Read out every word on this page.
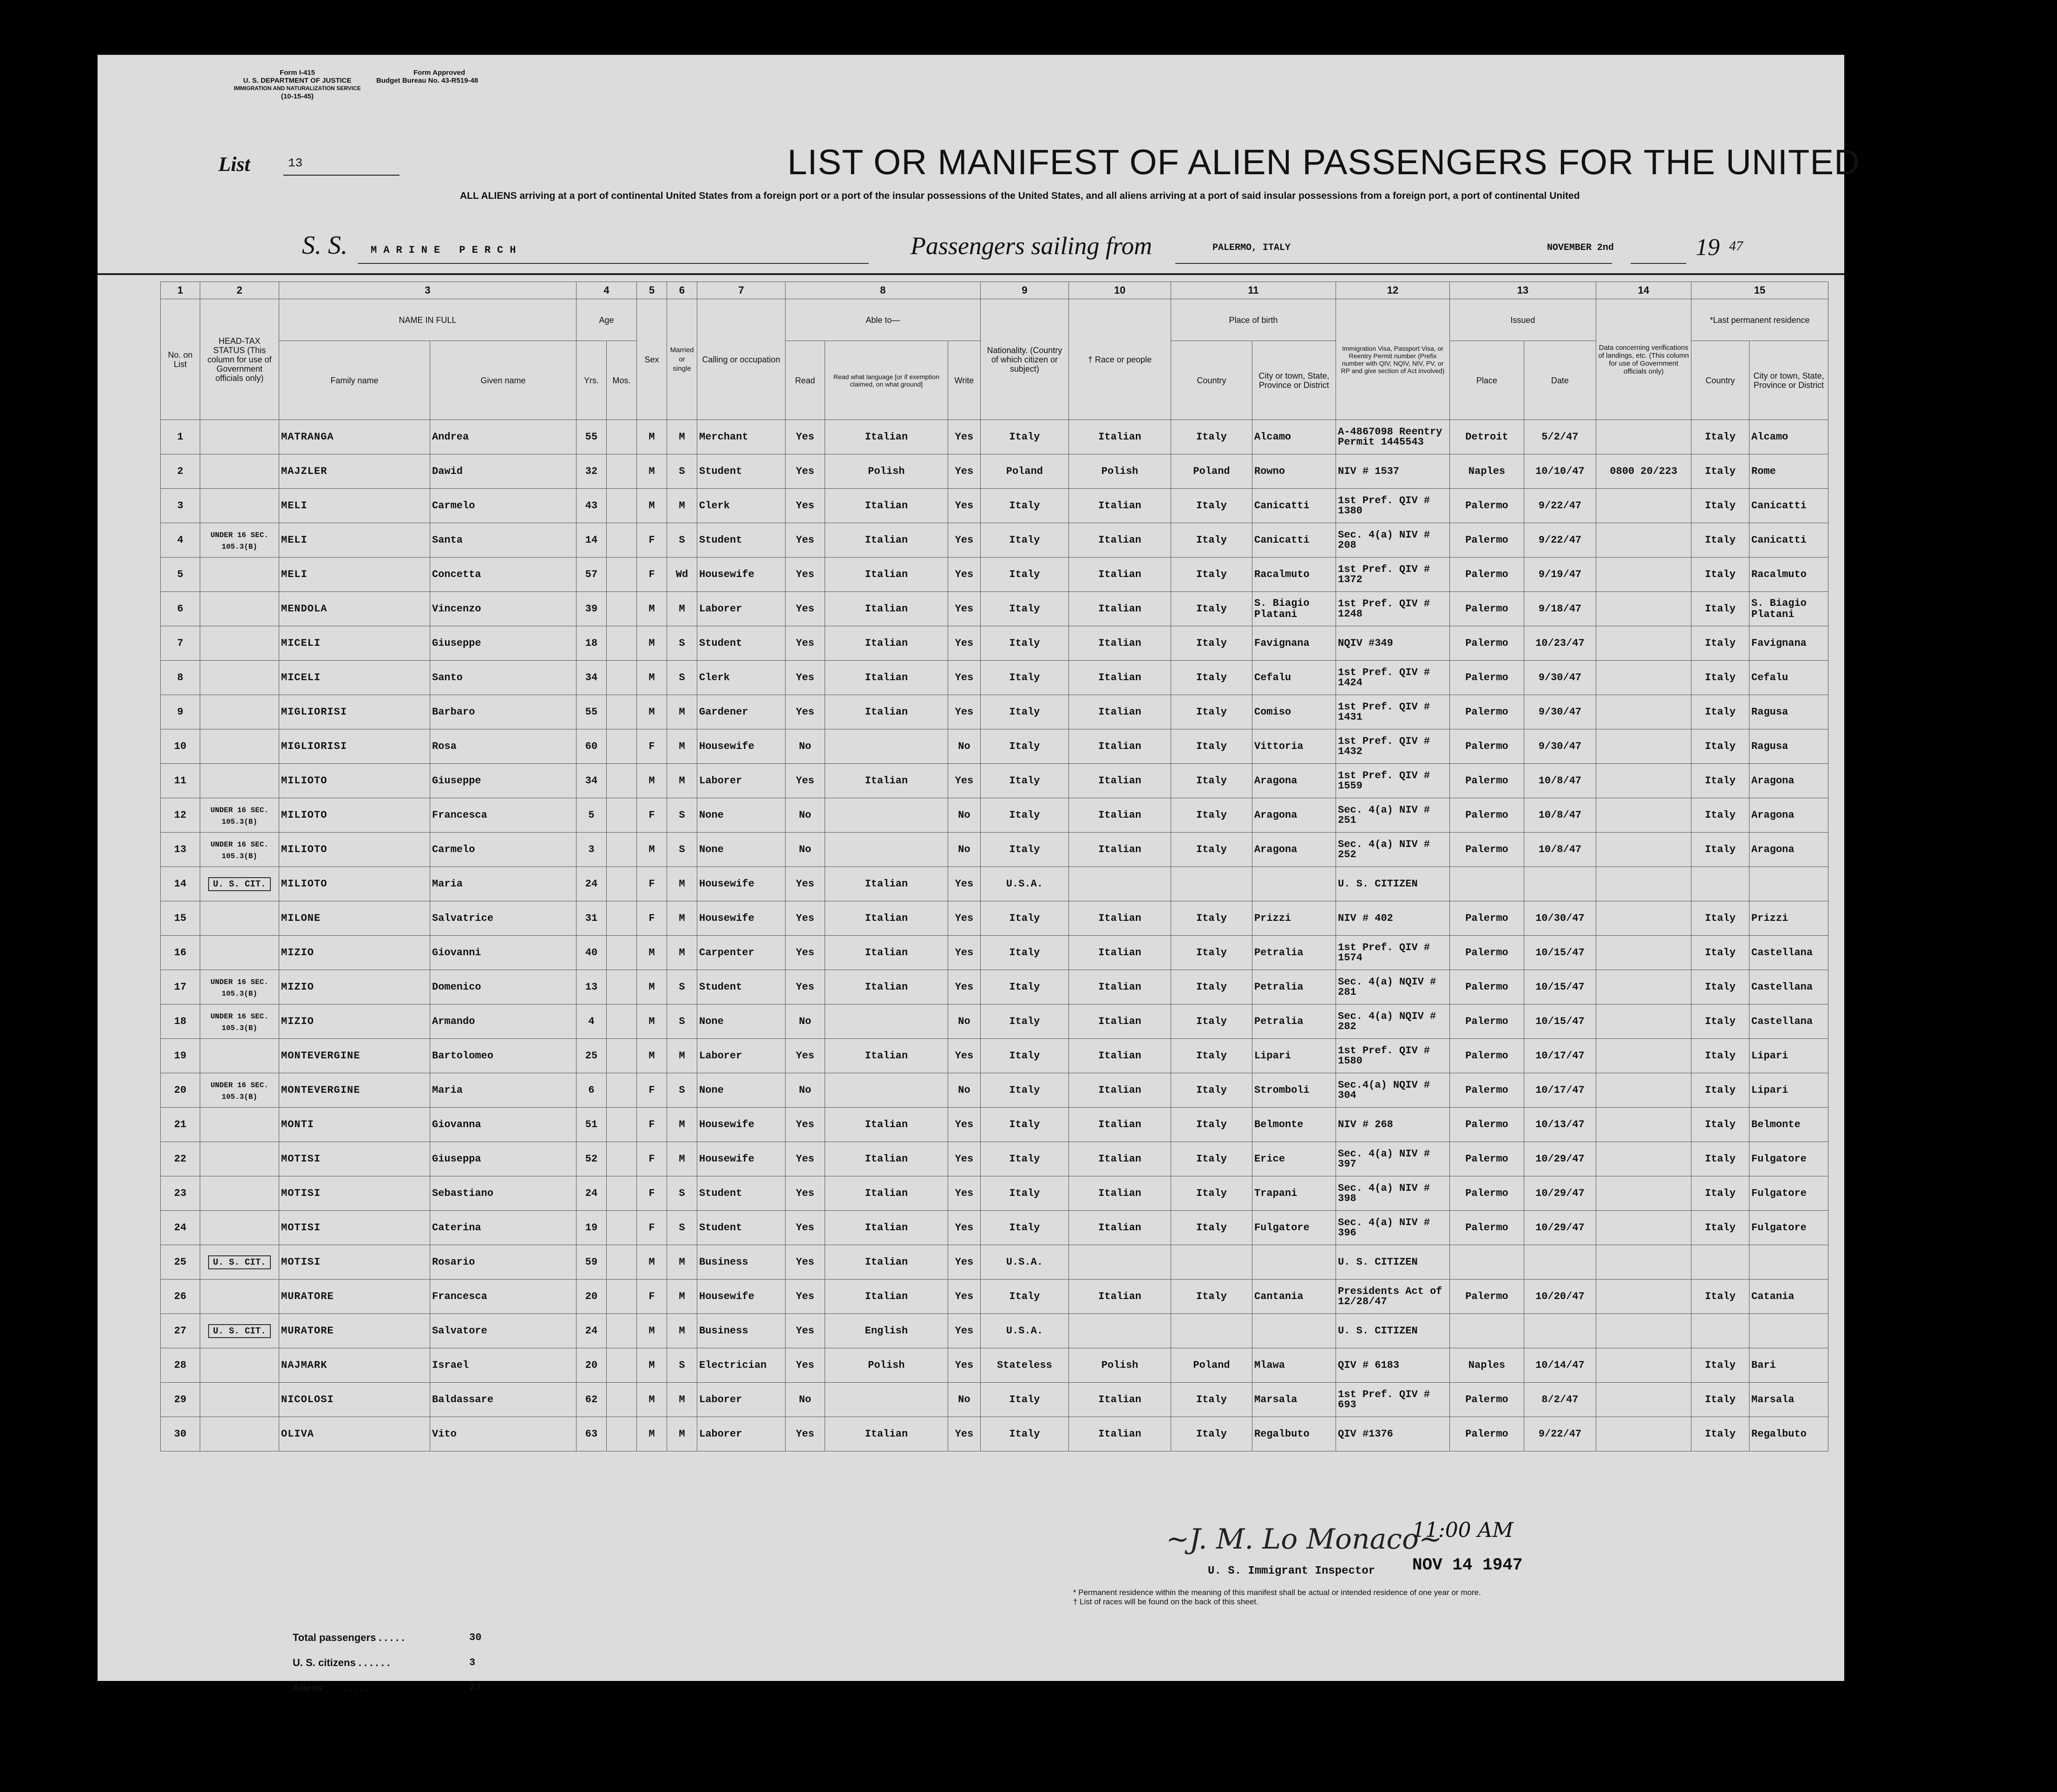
Form I-415
U. S. DEPARTMENT OF JUSTICE
IMMIGRATION AND NATURALIZATION SERVICE
(10-15-45)
Form Approved
Budget Bureau No. 43-R519-48
List	13	LIST OR MANIFEST OF ALIEN PASSENGERS FOR THE UNITED
ALL ALIENS arriving at a port of continental United States from a foreign port or a port of the insular possessions of the United States, and all aliens arriving at a port of said insular possessions from a foreign port, a port of continental United
S. S. MARINE PERCH	Passengers sailing from	PALERMO, ITALY	NOVEMBER 2nd	19 47
1	2	3		4		5	6	7	8			9	10	11		12	13		14	15	
No. on List	HEAD-TAX STATUS (This column for use of Government officials only)	NAME IN FULL		Age		Sex	Married or single	Calling or occupation	Able to—			Nationality. (Country of which citizen or subject)	† Race or people	Place of birth		Immigration Visa, Passport Visa, or Reentry Permit number (Prefix number with QIV, NQIV, NIV, PV, or RP and give section of Act involved)	Issued		Data concerning verifications of landings, etc. (This column for use of Government officials only)	*Last permanent residence	
		Family name	Given name	Yrs.	Mos.				Read	Read what language [or if exemption claimed, on what ground]	Write			Country	City or town, State, Province or District		Place	Date		Country	City or town, State, Province or District
1		MATRANGA	Andrea	55		M	M	Merchant	Yes	Italian	Yes	Italy	Italian	Italy	Alcamo	A-4867098 Reentry Permit 1445543	Detroit	5/2/47		Italy	Alcamo
2		MAJZLER	Dawid	32		M	S	Student	Yes	Polish	Yes	Poland	Polish	Poland	Rowno	NIV # 1537	Naples	10/10/47	0800 20/223	Italy	Rome
3		MELI	Carmelo	43		M	M	Clerk	Yes	Italian	Yes	Italy	Italian	Italy	Canicatti	1st Pref. QIV # 1380	Palermo	9/22/47		Italy	Canicatti
4	UNDER 16 SEC. 105.3(B)	MELI	Santa	14		F	S	Student	Yes	Italian	Yes	Italy	Italian	Italy	Canicatti	Sec. 4(a) NIV # 208	Palermo	9/22/47		Italy	Canicatti
5		MELI	Concetta	57		F	Wd	Housewife	Yes	Italian	Yes	Italy	Italian	Italy	Racalmuto	1st Pref. QIV # 1372	Palermo	9/19/47		Italy	Racalmuto
6		MENDOLA	Vincenzo	39		M	M	Laborer	Yes	Italian	Yes	Italy	Italian	Italy	S. Biagio Platani	1st Pref. QIV # 1248	Palermo	9/18/47		Italy	S. Biagio Platani
7		MICELI	Giuseppe	18		M	S	Student	Yes	Italian	Yes	Italy	Italian	Italy	Favignana	NQIV #349	Palermo	10/23/47		Italy	Favignana
8		MICELI	Santo	34		M	S	Clerk	Yes	Italian	Yes	Italy	Italian	Italy	Cefalu	1st Pref. QIV # 1424	Palermo	9/30/47		Italy	Cefalu
9		MIGLIORISI	Barbaro	55		M	M	Gardener	Yes	Italian	Yes	Italy	Italian	Italy	Comiso	1st Pref. QIV # 1431	Palermo	9/30/47		Italy	Ragusa
10		MIGLIORISI	Rosa	60		F	M	Housewife	No		No	Italy	Italian	Italy	Vittoria	1st Pref. QIV # 1432	Palermo	9/30/47		Italy	Ragusa
11		MILIOTO	Giuseppe	34		M	M	Laborer	Yes	Italian	Yes	Italy	Italian	Italy	Aragona	1st Pref. QIV # 1559	Palermo	10/8/47		Italy	Aragona
12	UNDER 16 SEC. 105.3(B)	MILIOTO	Francesca	5		F	S	None	No		No	Italy	Italian	Italy	Aragona	Sec. 4(a) NIV # 251	Palermo	10/8/47		Italy	Aragona
13	UNDER 16 SEC. 105.3(B)	MILIOTO	Carmelo	3		M	S	None	No		No	Italy	Italian	Italy	Aragona	Sec. 4(a) NIV # 252	Palermo	10/8/47		Italy	Aragona
14	U. S. CIT.	MILIOTO	Maria	24		F	M	Housewife	Yes	Italian	Yes	U.S.A.				U. S. CITIZEN					
15		MILONE	Salvatrice	31		F	M	Housewife	Yes	Italian	Yes	Italy	Italian	Italy	Prizzi	NIV # 402	Palermo	10/30/47		Italy	Prizzi
16		MIZIO	Giovanni	40		M	M	Carpenter	Yes	Italian	Yes	Italy	Italian	Italy	Petralia	1st Pref. QIV # 1574	Palermo	10/15/47		Italy	Castellana
17	UNDER 16 SEC. 105.3(B)	MIZIO	Domenico	13		M	S	Student	Yes	Italian	Yes	Italy	Italian	Italy	Petralia	Sec. 4(a) NQIV # 281	Palermo	10/15/47		Italy	Castellana
18	UNDER 16 SEC. 105.3(B)	MIZIO	Armando	4		M	S	None	No		No	Italy	Italian	Italy	Petralia	Sec. 4(a) NQIV # 282	Palermo	10/15/47		Italy	Castellana
19		MONTEVERGINE	Bartolomeo	25		M	M	Laborer	Yes	Italian	Yes	Italy	Italian	Italy	Lipari	1st Pref. QIV # 1580	Palermo	10/17/47		Italy	Lipari
20	UNDER 16 SEC. 105.3(B)	MONTEVERGINE	Maria	6		F	S	None	No		No	Italy	Italian	Italy	Stromboli	Sec.4(a) NQIV # 304	Palermo	10/17/47		Italy	Lipari
21		MONTI	Giovanna	51		F	M	Housewife	Yes	Italian	Yes	Italy	Italian	Italy	Belmonte	NIV # 268	Palermo	10/13/47		Italy	Belmonte
22		MOTISI	Giuseppa	52		F	M	Housewife	Yes	Italian	Yes	Italy	Italian	Italy	Erice	Sec. 4(a) NIV # 397	Palermo	10/29/47		Italy	Fulgatore
23		MOTISI	Sebastiano	24		F	S	Student	Yes	Italian	Yes	Italy	Italian	Italy	Trapani	Sec. 4(a) NIV # 398	Palermo	10/29/47		Italy	Fulgatore
24		MOTISI	Caterina	19		F	S	Student	Yes	Italian	Yes	Italy	Italian	Italy	Fulgatore	Sec. 4(a) NIV # 396	Palermo	10/29/47		Italy	Fulgatore
25	U. S. CIT.	MOTISI	Rosario	59		M	M	Business	Yes	Italian	Yes	U.S.A.				U. S. CITIZEN					
26		MURATORE	Francesca	20		F	M	Housewife	Yes	Italian	Yes	Italy	Italian	Italy	Cantania	Presidents Act of 12/28/47	Palermo	10/20/47		Italy	Catania
27	U. S. CIT.	MURATORE	Salvatore	24		M	M	Business	Yes	English	Yes	U.S.A.				U. S. CITIZEN					
28		NAJMARK	Israel	20		M	S	Electrician	Yes	Polish	Yes	Stateless	Polish	Poland	Mlawa	QIV # 6183	Naples	10/14/47		Italy	Bari
29		NICOLOSI	Baldassare	62		M	M	Laborer	No		No	Italy	Italian	Italy	Marsala	1st Pref. QIV # 693	Palermo	8/2/47		Italy	Marsala
30		OLIVA	Vito	63		M	M	Laborer	Yes	Italian	Yes	Italy	Italian	Italy	Regalbuto	QIV #1376	Palermo	9/22/47		Italy	Regalbuto
Total passengers . . . . .	30
U. S. citizens . . . . . .	3
Aliens . . . . . . . .	27
~J. M. Lo Monaco~
11:00 AM
U. S. Immigrant Inspector NOV 14 1947
* Permanent residence within the meaning of this manifest shall be actual or intended residence of one year or more.
† List of races will be found on the back of this sheet.
